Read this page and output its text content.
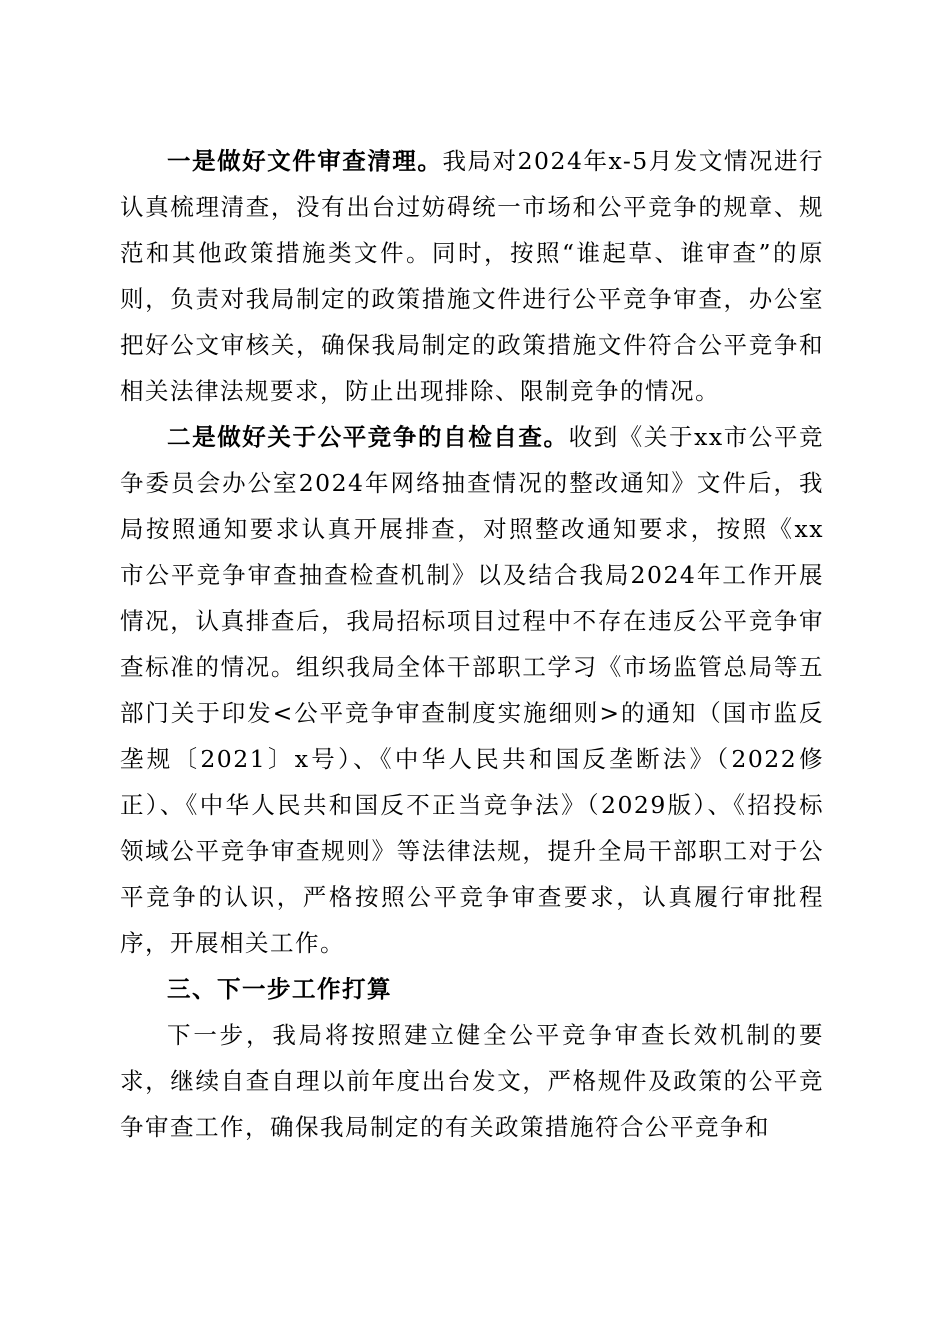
一是做好文件审查清理。我局对2024年x-5月发文情况进行认真梳理清查，没有出台过妨碍统一市场和公平竞争的规章、规范和其他政策措施类文件。同时，按照“谁起草、谁审查”的原则，负责对我局制定的政策措施文件进行公平竞争审查，办公室把好公文审核关，确保我局制定的政策措施文件符合公平竞争和相关法律法规要求，防止出现排除、限制竞争的情况。

二是做好关于公平竞争的自检自查。收到《关于xx市公平竞争委员会办公室2024年网络抽查情况的整改通知》文件后，我局按照通知要求认真开展排查，对照整改通知要求，按照《xx市公平竞争审查抽查检查机制》以及结合我局2024年工作开展情况，认真排查后，我局招标项目过程中不存在违反公平竞争审查标准的情况。组织我局全体干部职工学习《市场监管总局等五部门关于印发<公平竞争审查制度实施细则>的通知（国市监反垄规〔2021〕x号）、《中华人民共和国反垄断法》（2022修正）、《中华人民共和国反不正当竞争法》（2029版）、《招投标领域公平竞争审查规则》等法律法规，提升全局干部职工对于公平竞争的认识，严格按照公平竞争审查要求，认真履行审批程序，开展相关工作。

三、下一步工作打算

下一步，我局将按照建立健全公平竞争审查长效机制的要求，继续自查自理以前年度出台发文，严格规件及政策的公平竞争审查工作，确保我局制定的有关政策措施符合公平竞争和
